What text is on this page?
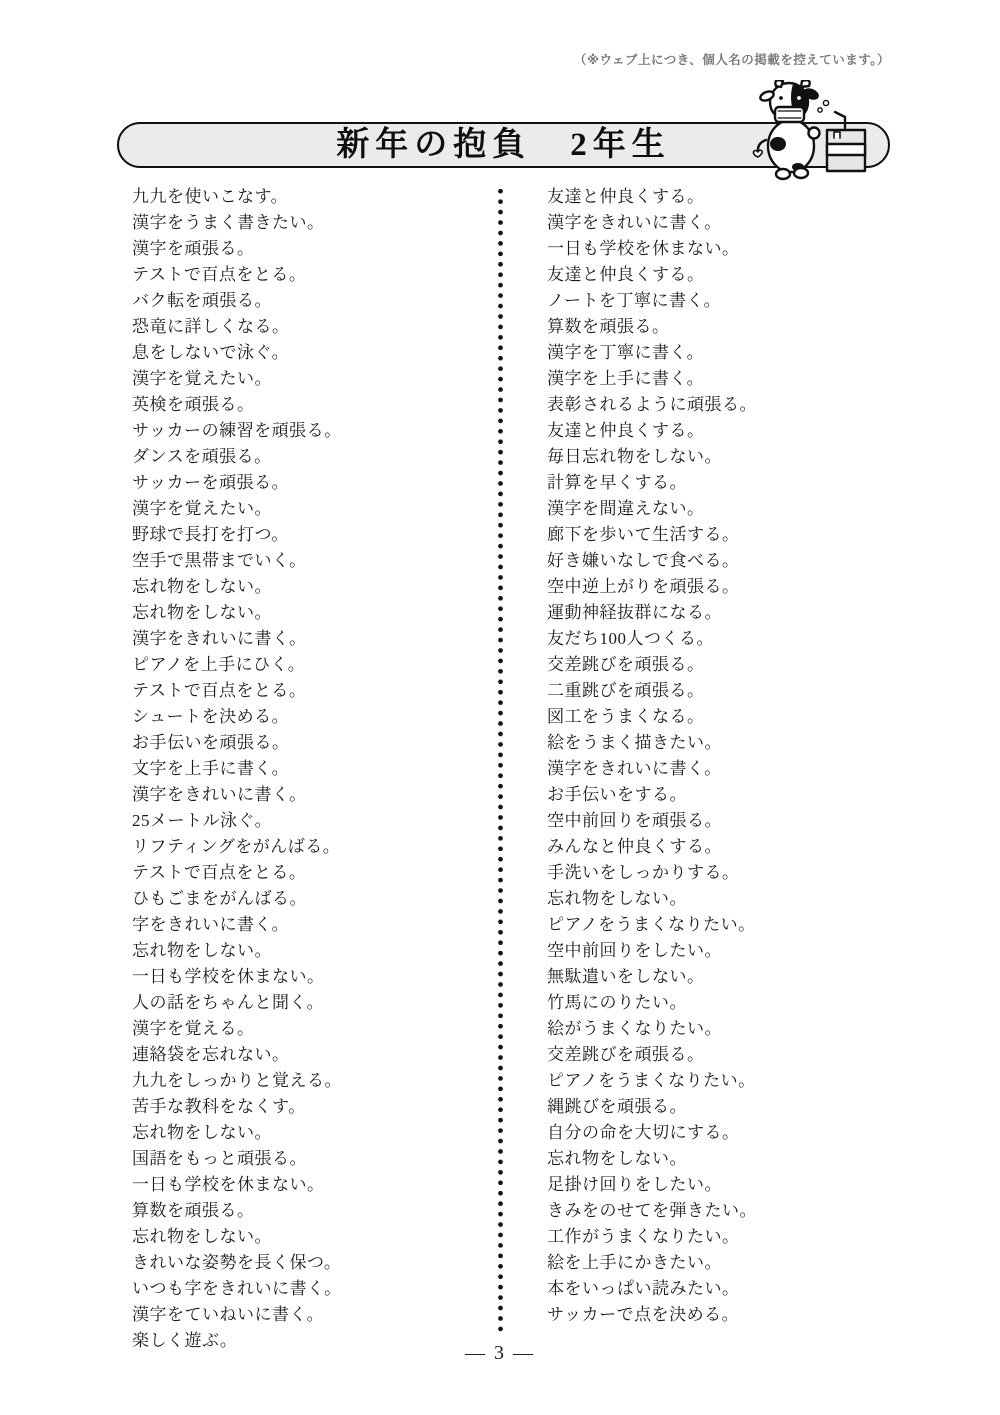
（※ウェブ上につき、個人名の掲載を控えています。）
新年の抱負　2年生
九九を使いこなす。
漢字をうまく書きたい。
漢字を頑張る。
テストで百点をとる。
バク転を頑張る。
恐竜に詳しくなる。
息をしないで泳ぐ。
漢字を覚えたい。
英検を頑張る。
サッカーの練習を頑張る。
ダンスを頑張る。
サッカーを頑張る。
漢字を覚えたい。
野球で長打を打つ。
空手で黒帯までいく。
忘れ物をしない。
忘れ物をしない。
漢字をきれいに書く。
ピアノを上手にひく。
テストで百点をとる。
シュートを決める。
お手伝いを頑張る。
文字を上手に書く。
漢字をきれいに書く。
25メートル泳ぐ。
リフティングをがんばる。
テストで百点をとる。
ひもごまをがんばる。
字をきれいに書く。
忘れ物をしない。
一日も学校を休まない。
人の話をちゃんと聞く。
漢字を覚える。
連絡袋を忘れない。
九九をしっかりと覚える。
苦手な教科をなくす。
忘れ物をしない。
国語をもっと頑張る。
一日も学校を休まない。
算数を頑張る。
忘れ物をしない。
きれいな姿勢を長く保つ。
いつも字をきれいに書く。
漢字をていねいに書く。
楽しく遊ぶ。
友達と仲良くする。
漢字をきれいに書く。
一日も学校を休まない。
友達と仲良くする。
ノートを丁寧に書く。
算数を頑張る。
漢字を丁寧に書く。
漢字を上手に書く。
表彰されるように頑張る。
友達と仲良くする。
毎日忘れ物をしない。
計算を早くする。
漢字を間違えない。
廊下を歩いて生活する。
好き嫌いなしで食べる。
空中逆上がりを頑張る。
運動神経抜群になる。
友だち100人つくる。
交差跳びを頑張る。
二重跳びを頑張る。
図工をうまくなる。
絵をうまく描きたい。
漢字をきれいに書く。
お手伝いをする。
空中前回りを頑張る。
みんなと仲良くする。
手洗いをしっかりする。
忘れ物をしない。
ピアノをうまくなりたい。
空中前回りをしたい。
無駄遣いをしない。
竹馬にのりたい。
絵がうまくなりたい。
交差跳びを頑張る。
ピアノをうまくなりたい。
縄跳びを頑張る。
自分の命を大切にする。
忘れ物をしない。
足掛け回りをしたい。
きみをのせてを弾きたい。
工作がうまくなりたい。
絵を上手にかきたい。
本をいっぱい読みたい。
サッカーで点を決める。
— 3 —
